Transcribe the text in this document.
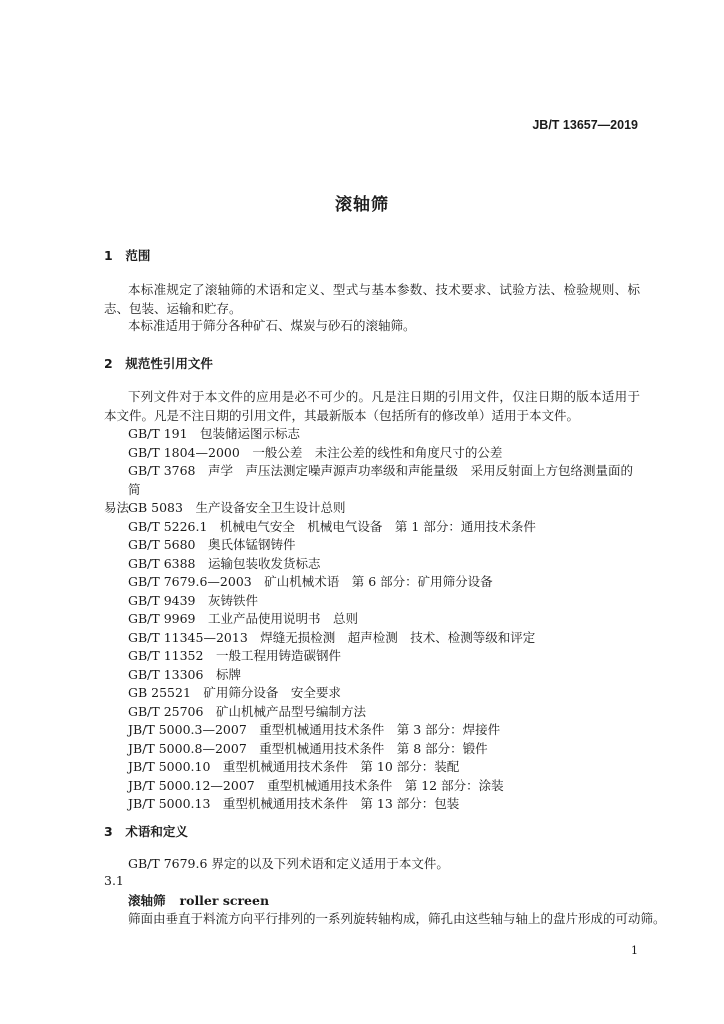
JB/T 13657—2019
滚轴筛
1 范围
本标准规定了滚轴筛的术语和定义、型式与基本参数、技术要求、试验方法、检验规则、标志、包装、运输和贮存。
本标准适用于筛分各种矿石、煤炭与砂石的滚轴筛。
2 规范性引用文件
下列文件对于本文件的应用是必不可少的。凡是注日期的引用文件，仅注日期的版本适用于本文件。凡是不注日期的引用文件，其最新版本（包括所有的修改单）适用于本文件。
GB/T 191　包装储运图示标志
GB/T 1804—2000　一般公差　未注公差的线性和角度尺寸的公差
GB/T 3768　声学　声压法测定噪声源声功率级和声能量级　采用反射面上方包络测量面的简
易法
GB 5083　生产设备安全卫生设计总则
GB/T 5226.1　机械电气安全　机械电气设备　第 1 部分：通用技术条件
GB/T 5680　奥氏体锰钢铸件
GB/T 6388　运输包装收发货标志
GB/T 7679.6—2003　矿山机械术语　第 6 部分：矿用筛分设备
GB/T 9439　灰铸铁件
GB/T 9969　工业产品使用说明书　总则
GB/T 11345—2013　焊缝无损检测　超声检测　技术、检测等级和评定
GB/T 11352　一般工程用铸造碳钢件
GB/T 13306　标牌
GB 25521　矿用筛分设备　安全要求
GB/T 25706　矿山机械产品型号编制方法
JB/T 5000.3—2007　重型机械通用技术条件　第 3 部分：焊接件
JB/T 5000.8—2007　重型机械通用技术条件　第 8 部分：锻件
JB/T 5000.10　重型机械通用技术条件　第 10 部分：装配
JB/T 5000.12—2007　重型机械通用技术条件　第 12 部分：涂装
JB/T 5000.13　重型机械通用技术条件　第 13 部分：包装
3 术语和定义
GB/T 7679.6 界定的以及下列术语和定义适用于本文件。
3.1
滚轴筛 roller screen
筛面由垂直于料流方向平行排列的一系列旋转轴构成，筛孔由这些轴与轴上的盘片形成的可动筛。
1
